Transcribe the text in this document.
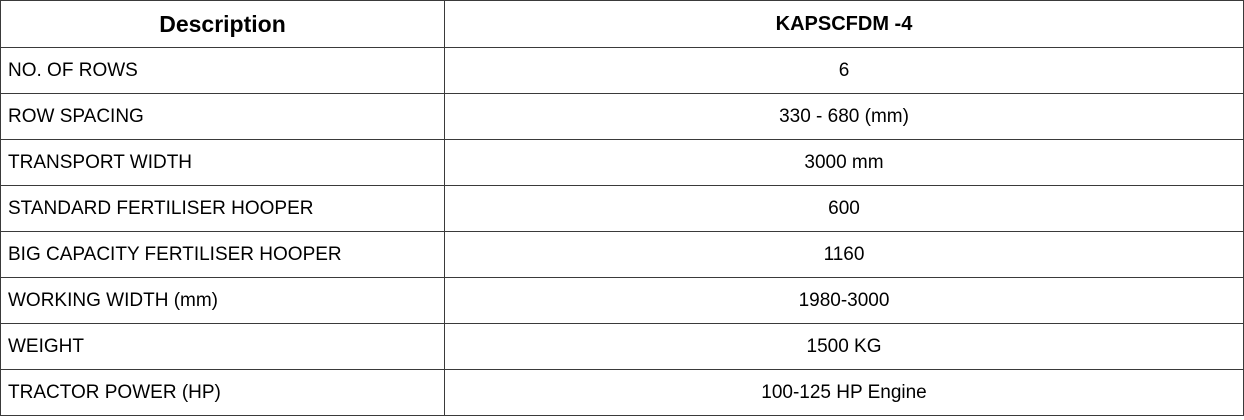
Description	KAPSCFDM -4
NO. OF ROWS	6
ROW SPACING	330 - 680 (mm)
TRANSPORT WIDTH	3000 mm
STANDARD FERTILISER HOOPER	600
BIG CAPACITY FERTILISER HOOPER	1160
WORKING WIDTH (mm)	1980-3000
WEIGHT	1500 KG
TRACTOR POWER (HP)	100-125 HP Engine
